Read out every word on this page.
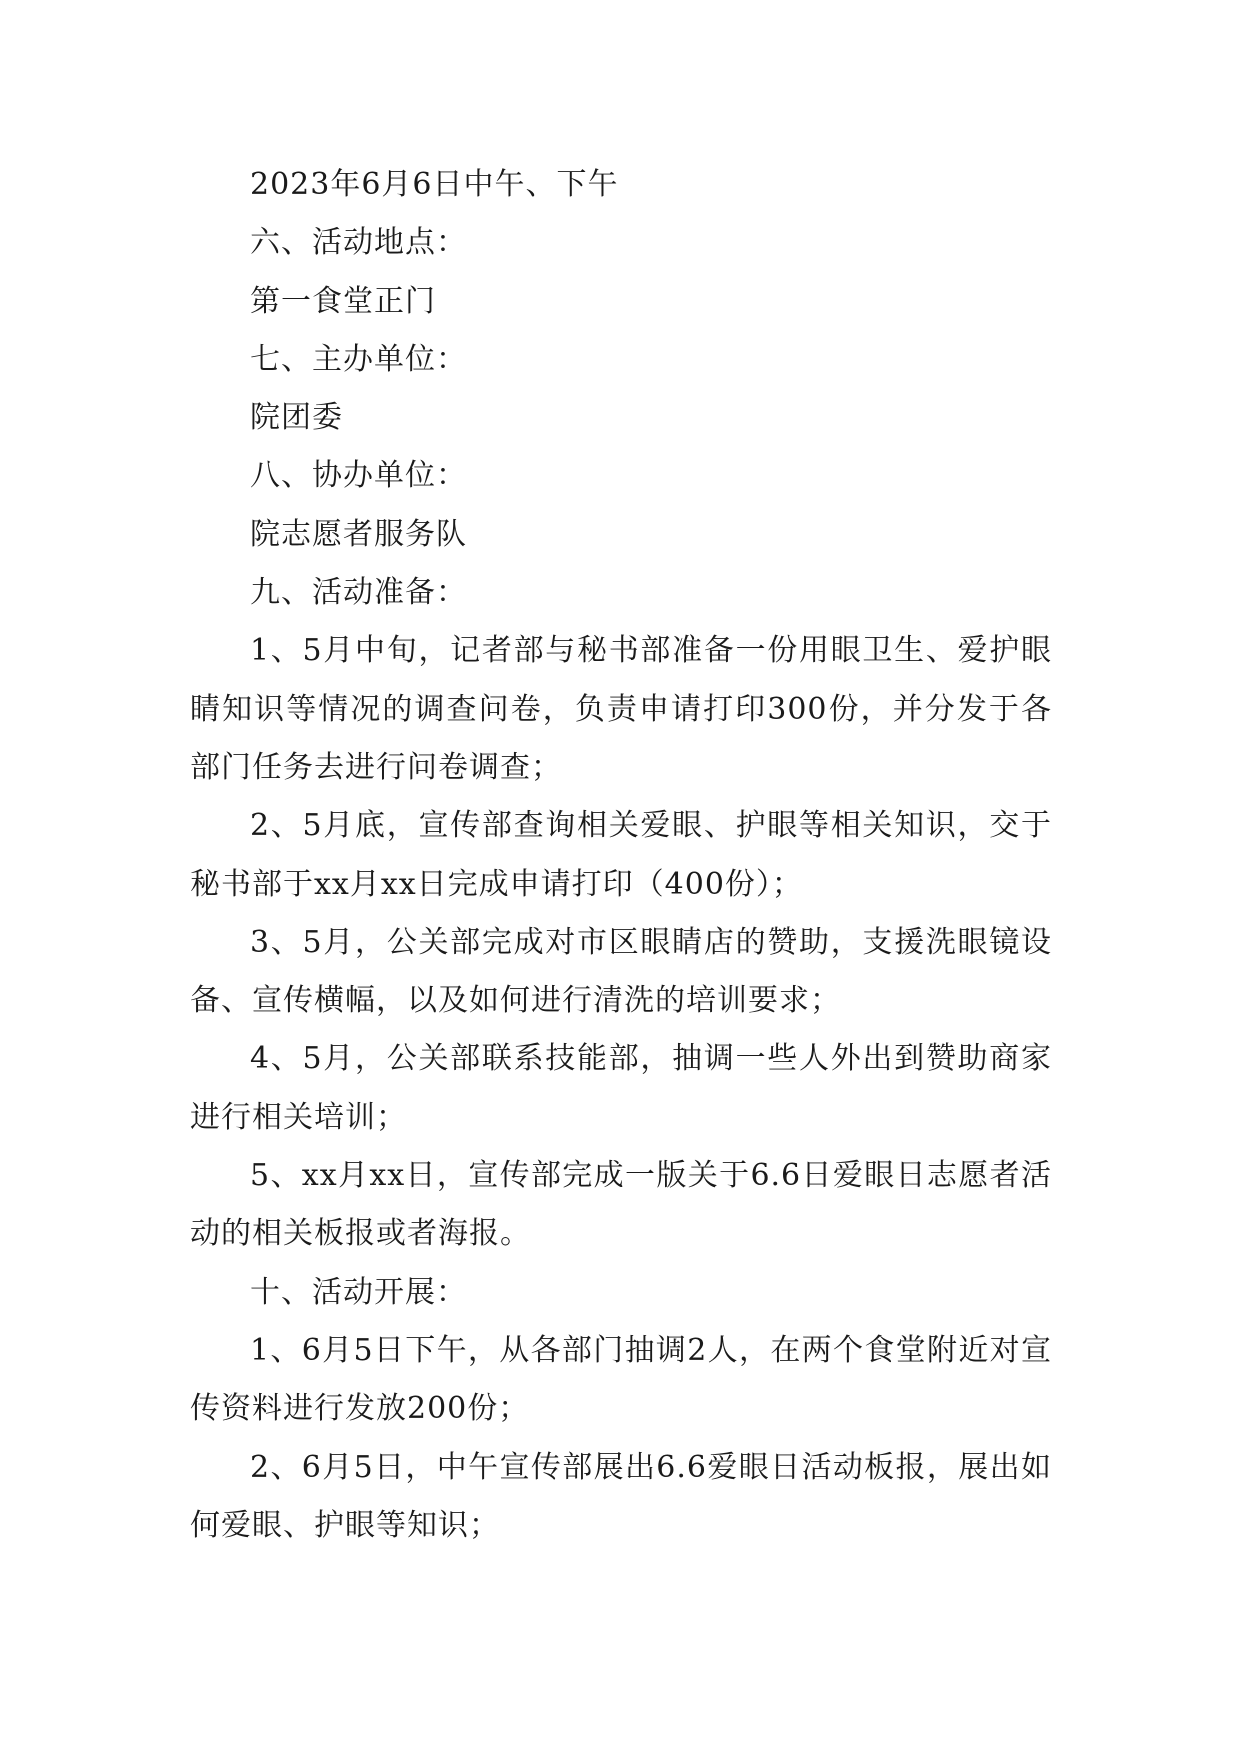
2023年6月6日中午、下午

六、活动地点：

第一食堂正门

七、主办单位：

院团委

八、协办单位：

院志愿者服务队

九、活动准备：

1、5月中旬，记者部与秘书部准备一份用眼卫生、爱护眼睛知识等情况的调查问卷，负责申请打印300份，并分发于各部门任务去进行问卷调查；

2、5月底，宣传部查询相关爱眼、护眼等相关知识，交于秘书部于xx月xx日完成申请打印（400份）；

3、5月，公关部完成对市区眼睛店的赞助，支援洗眼镜设备、宣传横幅，以及如何进行清洗的培训要求；

4、5月，公关部联系技能部，抽调一些人外出到赞助商家进行相关培训；

5、xx月xx日，宣传部完成一版关于6.6日爱眼日志愿者活动的相关板报或者海报。

十、活动开展：

1、6月5日下午，从各部门抽调2人，在两个食堂附近对宣传资料进行发放200份；

2、6月5日，中午宣传部展出6.6爱眼日活动板报，展出如何爱眼、护眼等知识；
